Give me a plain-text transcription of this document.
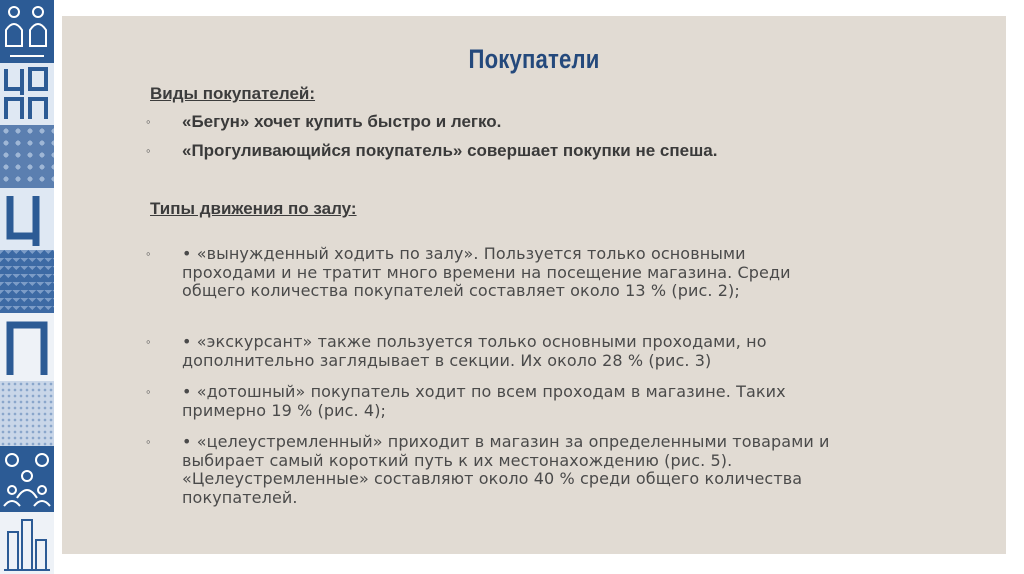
Покупатели
Виды покупателей:
◦	«Бегун» хочет купить быстро и легко.
◦	«Прогуливающийся покупатель» совершает покупки не спеша.
Типы движения по залу:
◦	• «вынужденный ходить по залу». Пользуется только основными проходами и не тратит много времени на посещение магазина. Среди общего количества покупателей составляет около 13 % (рис. 2);
◦	• «экскурсант» также пользуется только основными проходами, но дополнительно заглядывает в секции. Их около 28 % (рис. 3)
◦	• «дотошный» покупатель ходит по всем проходам в магазине. Таких примерно 19 % (рис. 4);
◦	• «целеустремленный» приходит в магазин за определенными товарами и выбирает самый короткий путь к их местонахождению (рис. 5). «Целеустремленные» составляют около 40 % среди общего количества покупателей.
